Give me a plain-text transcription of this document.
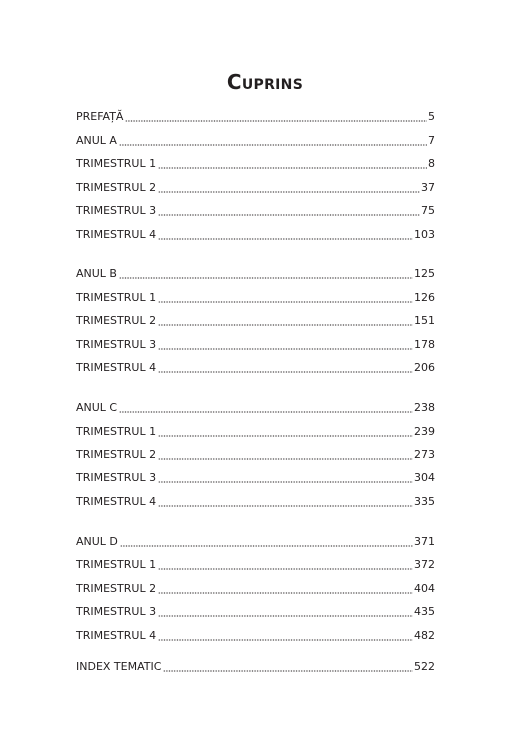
Cuprins
PREFAȚĂ	5
ANUL A	7
TRIMESTRUL 1	8
TRIMESTRUL 2	37
TRIMESTRUL 3	75
TRIMESTRUL 4	103
ANUL B	125
TRIMESTRUL 1	126
TRIMESTRUL 2	151
TRIMESTRUL 3	178
TRIMESTRUL 4	206
ANUL C	238
TRIMESTRUL 1	239
TRIMESTRUL 2	273
TRIMESTRUL 3	304
TRIMESTRUL 4	335
ANUL D	371
TRIMESTRUL 1	372
TRIMESTRUL 2	404
TRIMESTRUL 3	435
TRIMESTRUL 4	482
INDEX TEMATIC	522
